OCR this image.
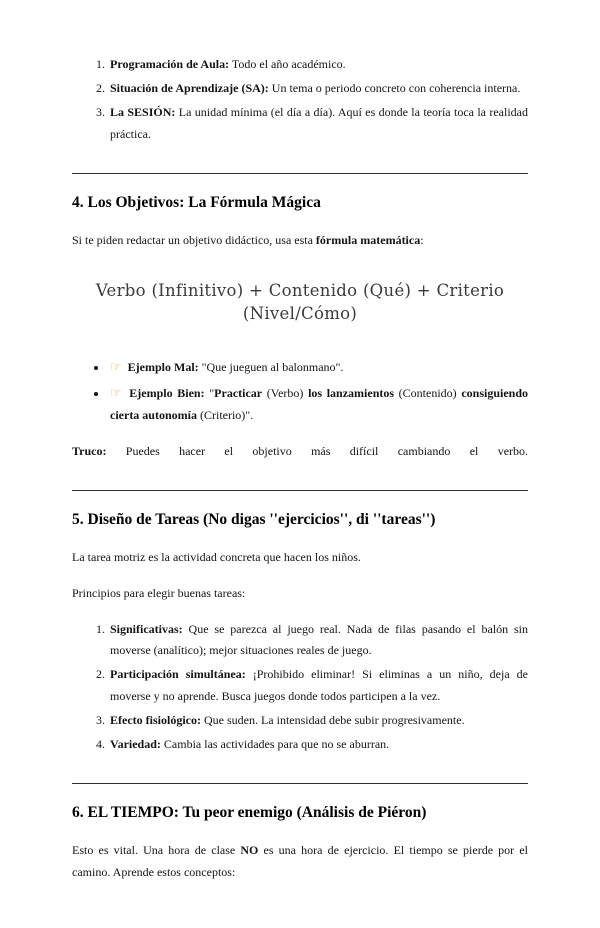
1. Programación de Aula: Todo el año académico.
2. Situación de Aprendizaje (SA): Un tema o periodo concreto con coherencia interna.
3. La SESIÓN: La unidad mínima (el día a día). Aquí es donde la teoría toca la realidad práctica.
4. Los Objetivos: La Fórmula Mágica

Si te piden redactar un objetivo didáctico, usa esta fórmula matemática:

Verbo (Infinitivo) + Contenido (Qué) + Criterio (Nivel/Cómo)
• ☞ Ejemplo Mal: "Que jueguen al balonmano".
• ☞ Ejemplo Bien: "Practicar (Verbo) los lanzamientos (Contenido) consiguiendo cierta autonomía (Criterio)".

Truco: Puedes hacer el objetivo más difícil cambiando el verbo.

5. Diseño de Tareas (No digas ''ejercicios'', di ''tareas'')

La tarea motriz es la actividad concreta que hacen los niños.

Principios para elegir buenas tareas:

1. Significativas: Que se parezca al juego real. Nada de filas pasando el balón sin moverse (analítico); mejor situaciones reales de juego.
2. Participación simultánea: ¡Prohibido eliminar! Si eliminas a un niño, deja de moverse y no aprende. Busca juegos donde todos participen a la vez.
3. Efecto fisiológico: Que suden. La intensidad debe subir progresivamente.
4. Variedad: Cambia las actividades para que no se aburran.
6. EL TIEMPO: Tu peor enemigo (Análisis de Piéron)

Esto es vital. Una hora de clase NO es una hora de ejercicio. El tiempo se pierde por el camino. Aprende estos conceptos:
